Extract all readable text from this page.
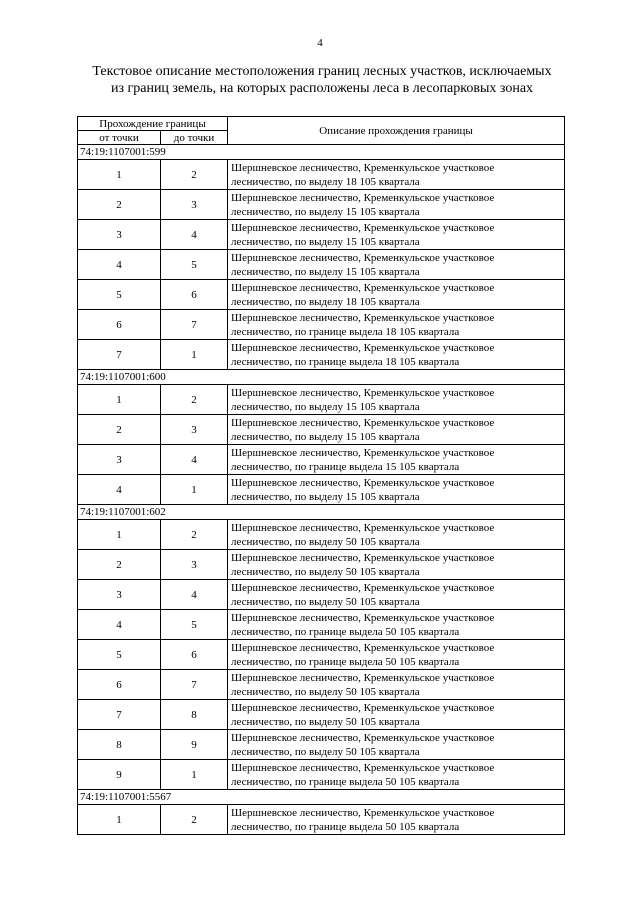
4
Текстовое описание местоположения границ лесных участков, исключаемых
из границ земель, на которых расположены леса в лесопарковых зонах
Прохождение границы		Описание прохождения границы
от точки	до точки	
74:19:1107001:599		
1	2	Шершневское лесничество, Кременкульское участковое
лесничество, по выделу 18 105 квартала

2	3	Шершневское лесничество, Кременкульское участковое
лесничество, по выделу 15 105 квартала

3	4	Шершневское лесничество, Кременкульское участковое
лесничество, по выделу 15 105 квартала

4	5	Шершневское лесничество, Кременкульское участковое
лесничество, по выделу 15 105 квартала

5	6	Шершневское лесничество, Кременкульское участковое
лесничество, по выделу 18 105 квартала

6	7	Шершневское лесничество, Кременкульское участковое
лесничество, по границе выдела 18 105 квартала

7	1	Шершневское лесничество, Кременкульское участковое
лесничество, по границе выдела 18 105 квартала

74:19:1107001:600		
1	2	Шершневское лесничество, Кременкульское участковое
лесничество, по выделу 15 105 квартала

2	3	Шершневское лесничество, Кременкульское участковое
лесничество, по выделу 15 105 квартала

3	4	Шершневское лесничество, Кременкульское участковое
лесничество, по границе выдела 15 105 квартала

4	1	Шершневское лесничество, Кременкульское участковое
лесничество, по выделу 15 105 квартала

74:19:1107001:602		
1	2	Шершневское лесничество, Кременкульское участковое
лесничество, по выделу 50 105 квартала

2	3	Шершневское лесничество, Кременкульское участковое
лесничество, по выделу 50 105 квартала

3	4	Шершневское лесничество, Кременкульское участковое
лесничество, по выделу 50 105 квартала

4	5	Шершневское лесничество, Кременкульское участковое
лесничество, по границе выдела 50 105 квартала

5	6	Шершневское лесничество, Кременкульское участковое
лесничество, по границе выдела 50 105 квартала

6	7	Шершневское лесничество, Кременкульское участковое
лесничество, по выделу 50 105 квартала

7	8	Шершневское лесничество, Кременкульское участковое
лесничество, по выделу 50 105 квартала

8	9	Шершневское лесничество, Кременкульское участковое
лесничество, по выделу 50 105 квартала

9	1	Шершневское лесничество, Кременкульское участковое
лесничество, по границе выдела 50 105 квартала

74:19:1107001:5567		
1	2	Шершневское лесничество, Кременкульское участковое
лесничество, по границе выдела 50 105 квартала
